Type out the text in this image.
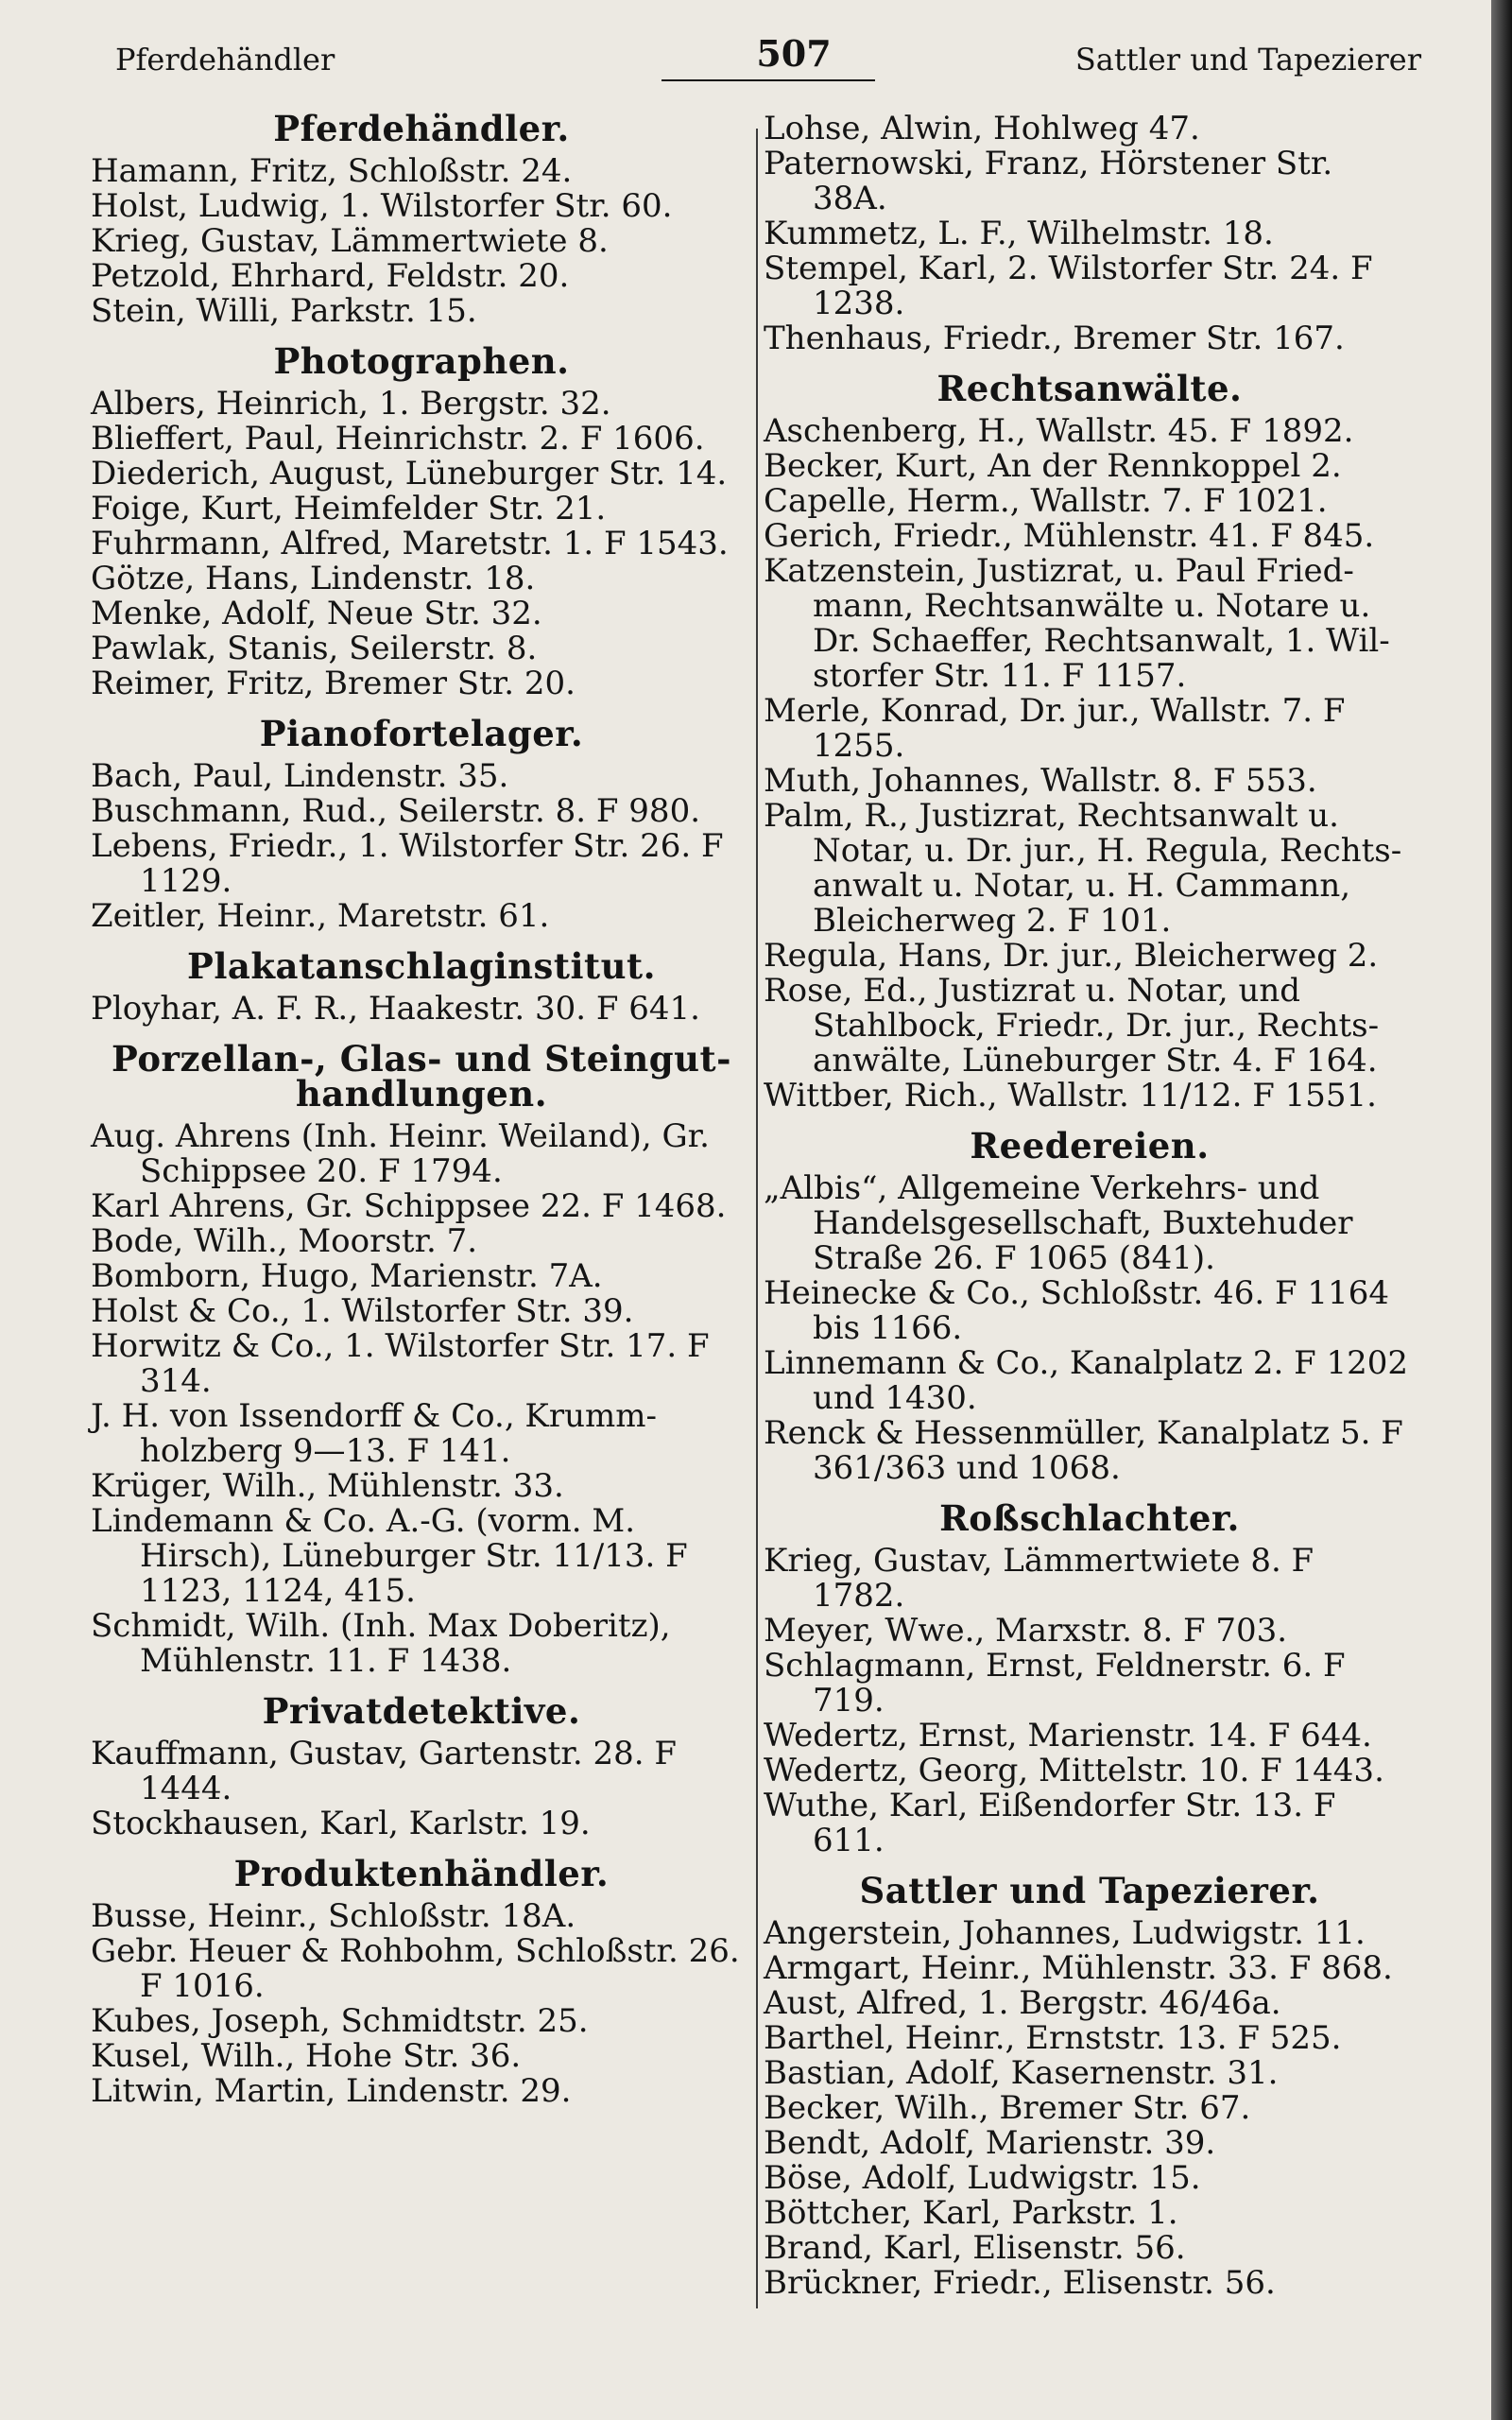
Pferdehändler	507	Sattler und Tapezierer
Pferdehändler.
Hamann, Fritz, Schloßstr. 24.
Holst, Ludwig, 1. Wilstorfer Str. 60.
Krieg, Gustav, Lämmertwiete 8.
Petzold, Ehrhard, Feldstr. 20.
Stein, Willi, Parkstr. 15.
Photographen.
Albers, Heinrich, 1. Bergstr. 32.
Blieffert, Paul, Heinrichstr. 2. F 1606.
Diederich, August, Lüneburger Str. 14.
Foige, Kurt, Heimfelder Str. 21.
Fuhrmann, Alfred, Maretstr. 1. F 1543.
Götze, Hans, Lindenstr. 18.
Menke, Adolf, Neue Str. 32.
Pawlak, Stanis, Seilerstr. 8.
Reimer, Fritz, Bremer Str. 20.
Pianofortelager.
Bach, Paul, Lindenstr. 35.
Buschmann, Rud., Seilerstr. 8. F 980.
Lebens, Friedr., 1. Wilstorfer Str. 26. F 1129.
Zeitler, Heinr., Maretstr. 61.
Plakatanschlaginstitut.
Ployhar, A. F. R., Haakestr. 30. F 641.
Porzellan-, Glas- und Steingut-handlungen.
Aug. Ahrens (Inh. Heinr. Weiland), Gr. Schippsee 20. F 1794.
Karl Ahrens, Gr. Schippsee 22. F 1468.
Bode, Wilh., Moorstr. 7.
Bomborn, Hugo, Marienstr. 7A.
Holst & Co., 1. Wilstorfer Str. 39.
Horwitz & Co., 1. Wilstorfer Str. 17. F 314.
J. H. von Issendorff & Co., Krumm-holzberg 9—13. F 141.
Krüger, Wilh., Mühlenstr. 33.
Lindemann & Co. A.-G. (vorm. M. Hirsch), Lüneburger Str. 11/13. F 1123, 1124, 415.
Schmidt, Wilh. (Inh. Max Doberitz), Mühlenstr. 11. F 1438.
Privatdetektive.
Kauffmann, Gustav, Gartenstr. 28. F 1444.
Stockhausen, Karl, Karlstr. 19.
Produktenhändler.
Busse, Heinr., Schloßstr. 18A.
Gebr. Heuer & Rohbohm, Schloßstr. 26. F 1016.
Kubes, Joseph, Schmidtstr. 25.
Kusel, Wilh., Hohe Str. 36.
Litwin, Martin, Lindenstr. 29.
Lohse, Alwin, Hohlweg 47.
Paternowski, Franz, Hörstener Str. 38A.
Kummetz, L. F., Wilhelmstr. 18.
Stempel, Karl, 2. Wilstorfer Str. 24. F 1238.
Thenhaus, Friedr., Bremer Str. 167.
Rechtsanwälte.
Aschenberg, H., Wallstr. 45. F 1892.
Becker, Kurt, An der Rennkoppel 2.
Capelle, Herm., Wallstr. 7. F 1021.
Gerich, Friedr., Mühlenstr. 41. F 845.
Katzenstein, Justizrat, u. Paul Fried-mann, Rechtsanwälte u. Notare u. Dr. Schaeffer, Rechtsanwalt, 1. Wil-storfer Str. 11. F 1157.
Merle, Konrad, Dr. jur., Wallstr. 7. F 1255.
Muth, Johannes, Wallstr. 8. F 553.
Palm, R., Justizrat, Rechtsanwalt u. Notar, u. Dr. jur., H. Regula, Rechts-anwalt u. Notar, u. H. Cammann, Bleicherweg 2. F 101.
Regula, Hans, Dr. jur., Bleicherweg 2.
Rose, Ed., Justizrat u. Notar, und Stahlbock, Friedr., Dr. jur., Rechts-anwälte, Lüneburger Str. 4. F 164.
Wittber, Rich., Wallstr. 11/12. F 1551.
Reedereien.
„Albis“, Allgemeine Verkehrs- und Handelsgesellschaft, Buxtehuder Straße 26. F 1065 (841).
Heinecke & Co., Schloßstr. 46. F 1164 bis 1166.
Linnemann & Co., Kanalplatz 2. F 1202 und 1430.
Renck & Hessenmüller, Kanalplatz 5. F 361/363 und 1068.
Roßschlachter.
Krieg, Gustav, Lämmertwiete 8. F 1782.
Meyer, Wwe., Marxstr. 8. F 703.
Schlagmann, Ernst, Feldnerstr. 6. F 719.
Wedertz, Ernst, Marienstr. 14. F 644.
Wedertz, Georg, Mittelstr. 10. F 1443.
Wuthe, Karl, Eißendorfer Str. 13. F 611.
Sattler und Tapezierer.
Angerstein, Johannes, Ludwigstr. 11.
Armgart, Heinr., Mühlenstr. 33. F 868.
Aust, Alfred, 1. Bergstr. 46/46a.
Barthel, Heinr., Ernststr. 13. F 525.
Bastian, Adolf, Kasernenstr. 31.
Becker, Wilh., Bremer Str. 67.
Bendt, Adolf, Marienstr. 39.
Böse, Adolf, Ludwigstr. 15.
Böttcher, Karl, Parkstr. 1.
Brand, Karl, Elisenstr. 56.
Brückner, Friedr., Elisenstr. 56.
